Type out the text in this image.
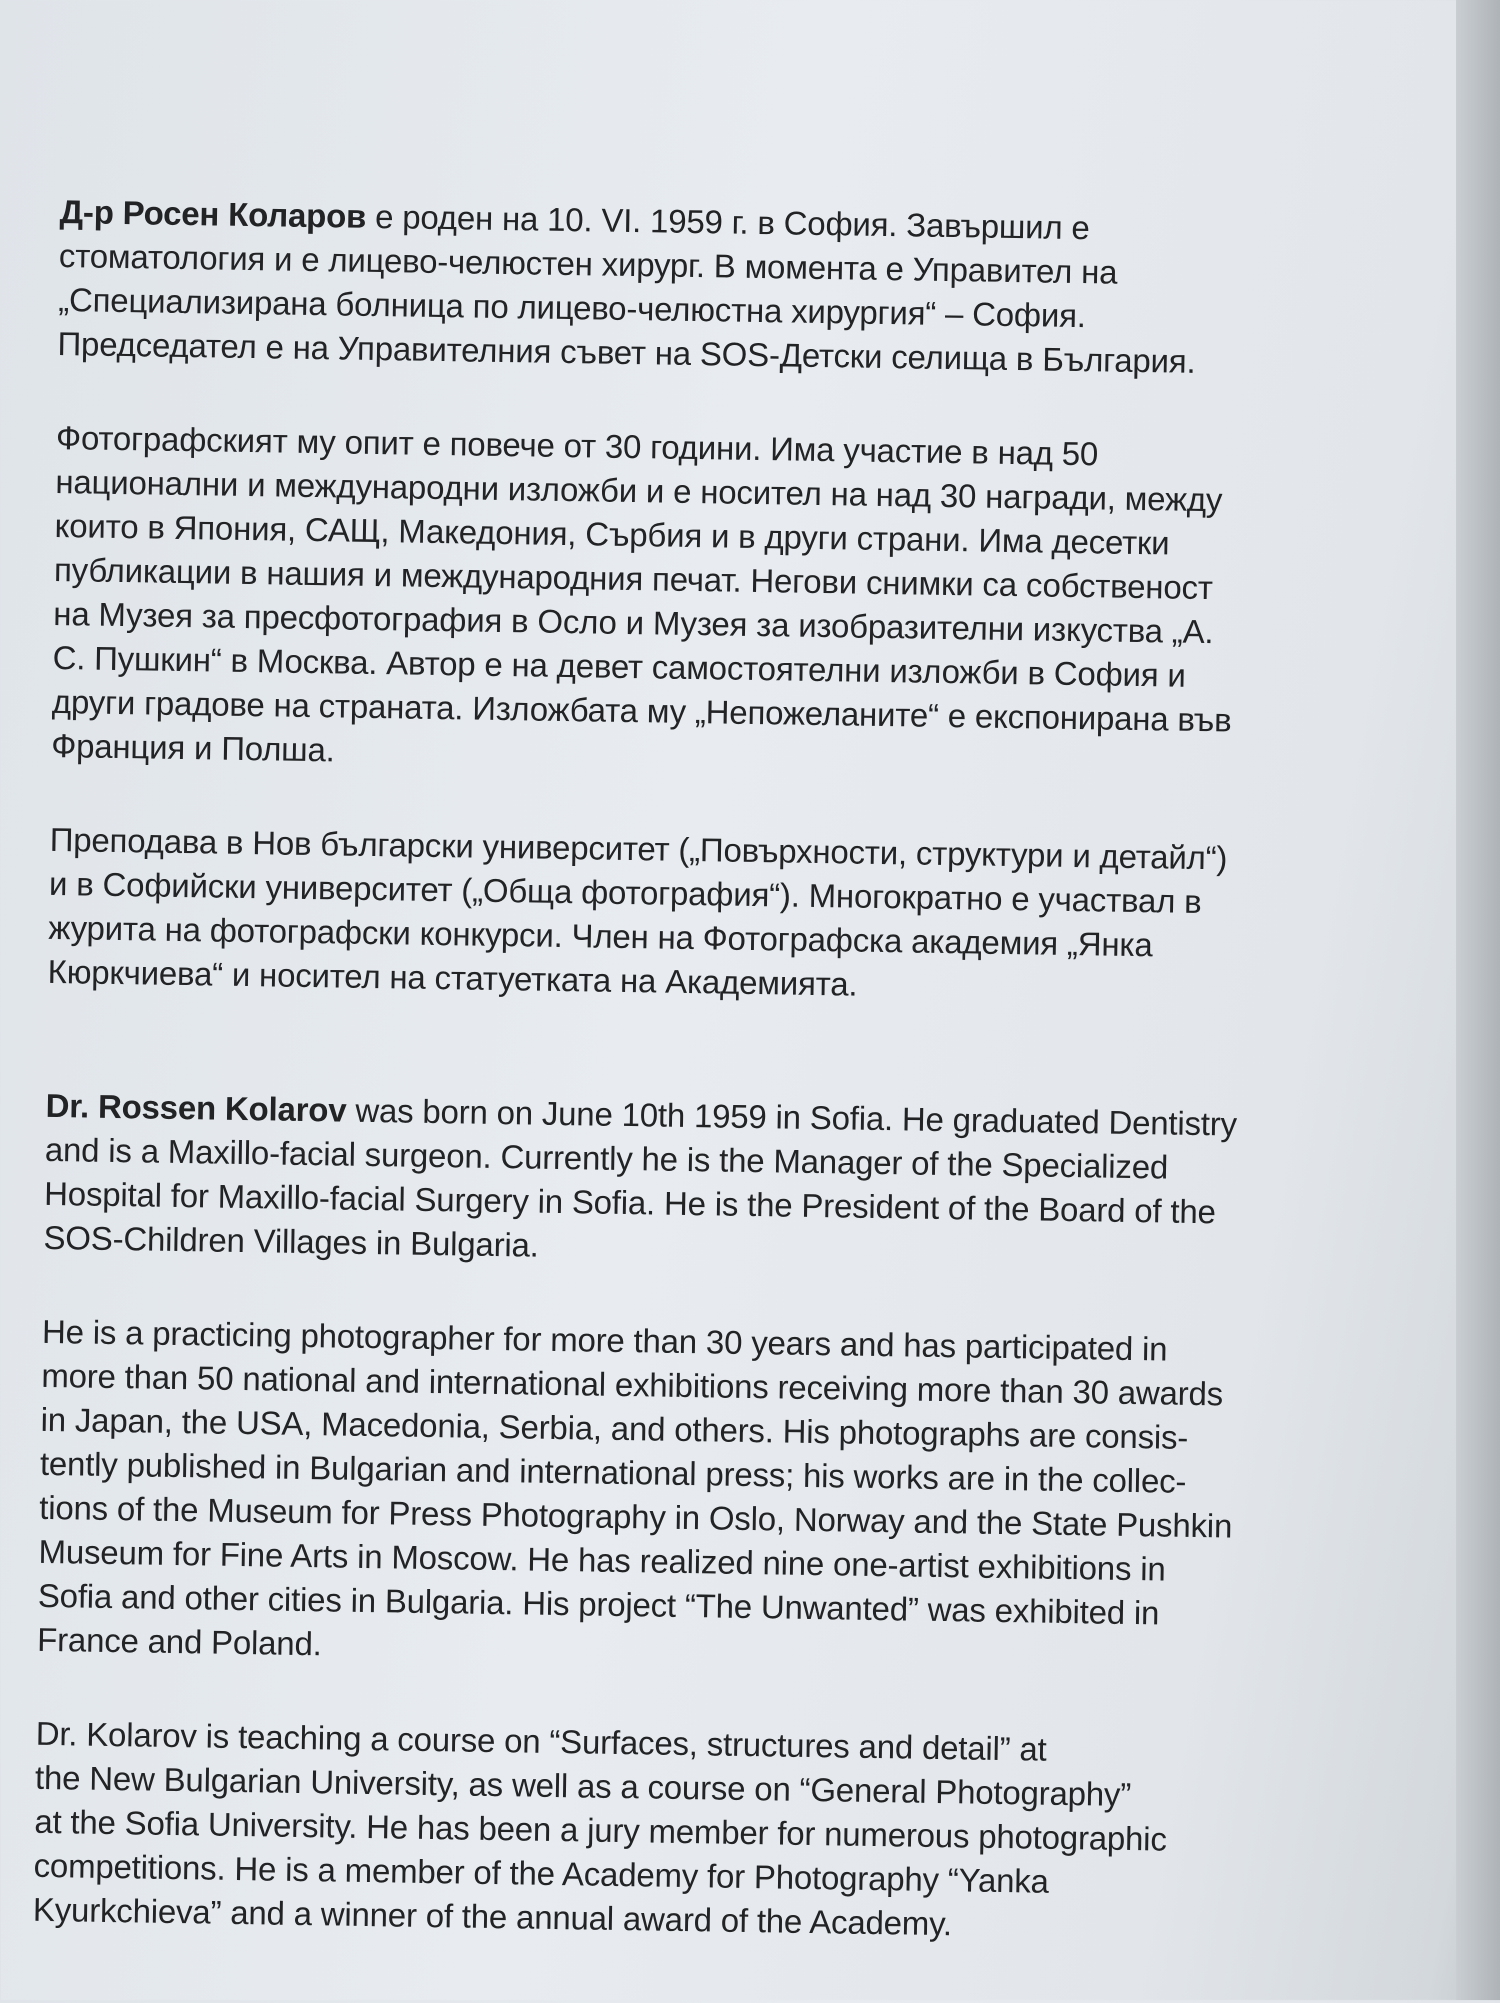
Д-р Росен Коларов е роден на 10. VI. 1959 г. в София. Завършил е
стоматология и е лицево-челюстен хирург. В момента е Управител на
„Специализирана болница по лицево-челюстна хирургия“ – София.
Председател е на Управителния съвет на SOS-Детски селища в България.

Фотографският му опит е повече от 30 години. Има участие в над 50
национални и международни изложби и е носител на над 30 награди, между
които в Япония, САЩ, Македония, Сърбия и в други страни. Има десетки
публикации в нашия и международния печат. Негови снимки са собственост
на Музея за пресфотография в Осло и Музея за изобразителни изкуства „А.
С. Пушкин“ в Москва. Автор е на девет самостоятелни изложби в София и
други градове на страната. Изложбата му „Непожеланите“ е експонирана във
Франция и Полша.

Преподава в Нов български университет („Повърхности, структури и детайл“)
и в Софийски университет („Обща фотография“). Многократно е участвал в
журита на фотографски конкурси. Член на Фотографска академия „Янка
Кюркчиева“ и носител на статуетката на Академията.

Dr. Rossen Kolarov was born on June 10th 1959 in Sofia. He graduated Dentistry
and is a Maxillo-facial surgeon. Currently he is the Manager of the Specialized
Hospital for Maxillo-facial Surgery in Sofia. He is the President of the Board of the
SOS-Children Villages in Bulgaria.

He is a practicing photographer for more than 30 years and has participated in
more than 50 national and international exhibitions receiving more than 30 awards
in Japan, the USA, Macedonia, Serbia, and others. His photographs are consis-
tently published in Bulgarian and international press; his works are in the collec-
tions of the Museum for Press Photography in Oslo, Norway and the State Pushkin
Museum for Fine Arts in Moscow. He has realized nine one-artist exhibitions in
Sofia and other cities in Bulgaria. His project “The Unwanted” was exhibited in
France and Poland.

Dr. Kolarov is teaching a course on “Surfaces, structures and detail” at
the New Bulgarian University, as well as a course on “General Photography”
at the Sofia University. He has been a jury member for numerous photographic
competitions. He is a member of the Academy for Photography “Yanka
Kyurkchieva” and a winner of the annual award of the Academy.
